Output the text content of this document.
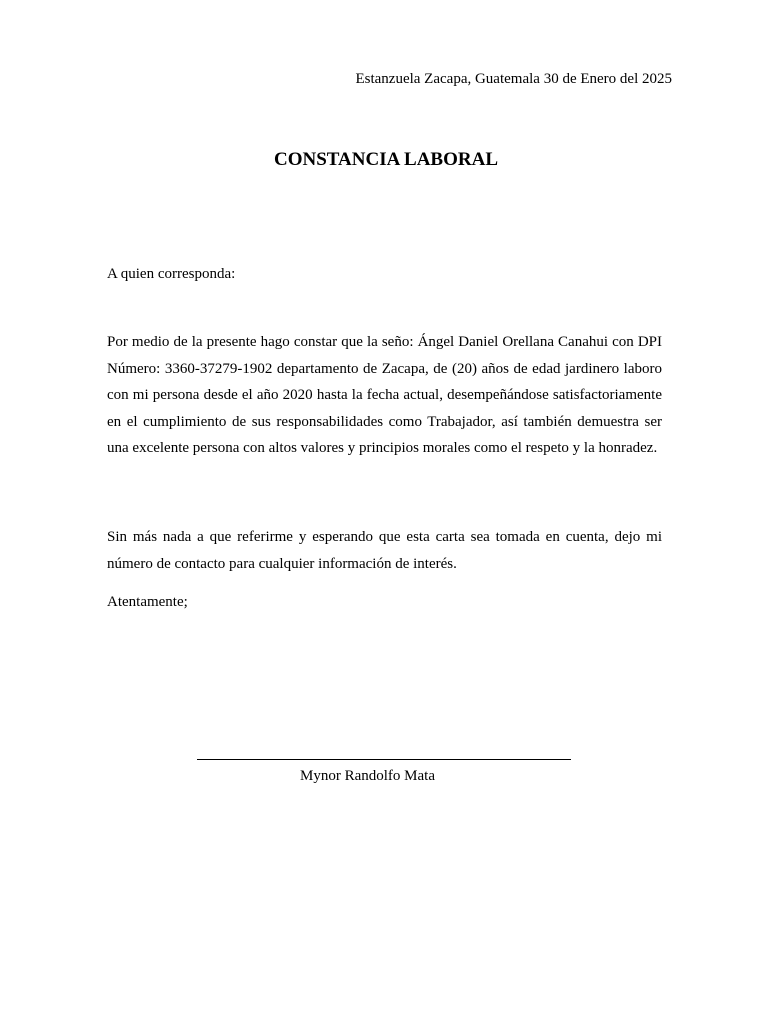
Estanzuela Zacapa, Guatemala 30 de Enero del 2025
CONSTANCIA LABORAL

A quien corresponda:

Por medio de la presente hago constar que la seño: Ángel Daniel Orellana Canahui con DPI Número: 3360-37279-1902 departamento de Zacapa, de (20) años de edad jardinero laboro con mi persona desde el año 2020 hasta la fecha actual, desempeñándose satisfactoriamente en el cumplimiento de sus responsabilidades como Trabajador, así también demuestra ser una excelente persona con altos valores y principios morales como el respeto y la honradez.

Sin más nada a que referirme y esperando que esta carta sea tomada en cuenta, dejo mi número de contacto para cualquier información de interés.

Atentamente;

Mynor Randolfo Mata
